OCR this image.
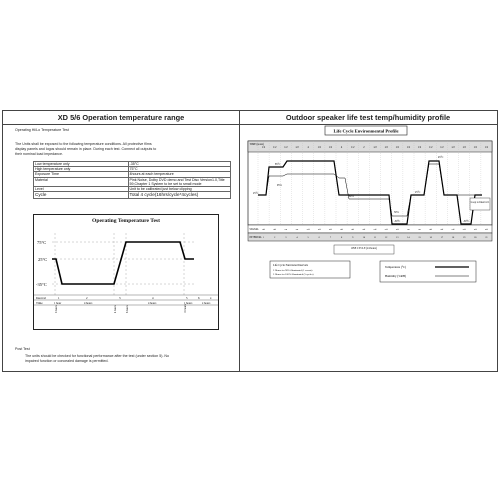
XD 5/6 Operation temperature range	Outdoor speaker life test temp/humidity profile
Operating Hi/Lo Temperature Test
The Units shall be exposed to the following temperature conditions. All protective films
display panels and logos should remain in place. During each test. Connect all outputs to
their nominal load impedance.
Low temperature only	-35°C
High temperature only	75°C
Exposure Time	4hours at each temperature
Material	Pink Noise, Dolby DVD demo and Test Disc Version1.0,Title 59,Chapter 1 System to be set to small mode
Level	Unit to be calibrated just below clipping
Cycle	Total 4 cycle(16hrs/cycle*4cycles)
Operating Temperature Test
75°C
25°C
-35°C
Interval
Time
1	2	3	4	5	6	x
1 hour	4 hours	4 hours	1 hours	x hours
0 hours	4 hours	6 hours	10 hours
Post Test
The units should be checked for functional performance after the test (under section 5). No
impaired function or concealed damage is permitted.
Life Cycle Environmental Profile
TIME (hours)
1/2	1/2	1/2	1/2	4	1/2	1/2	4	1/2	2	1/2	1/2	1/2	1/2	1/2	1/2	1/2	1/2	1/2	1/2	1/2
85°C
45°C
25°C	25°C
-30°C	-30°C
95%
60%
30%
Loop to Interval 1
SIGNAL
INTERVAL
off	off	on	on	off	off	off	off	off	off	off	off	off	on	on	off	off	off	off	off	off
1	2	3	4	5	6	7	8	9	10	11	12	13	14	15	16	17	18	19	20	21
ONE CYCLE (24 hours)
Life Cycle Functional Intervals
3 Hours for 90% illuminated (1 events)
3 Hours for 100% illuminated (5 cycles)
Temperature (°C)
Humidity (%RH)
